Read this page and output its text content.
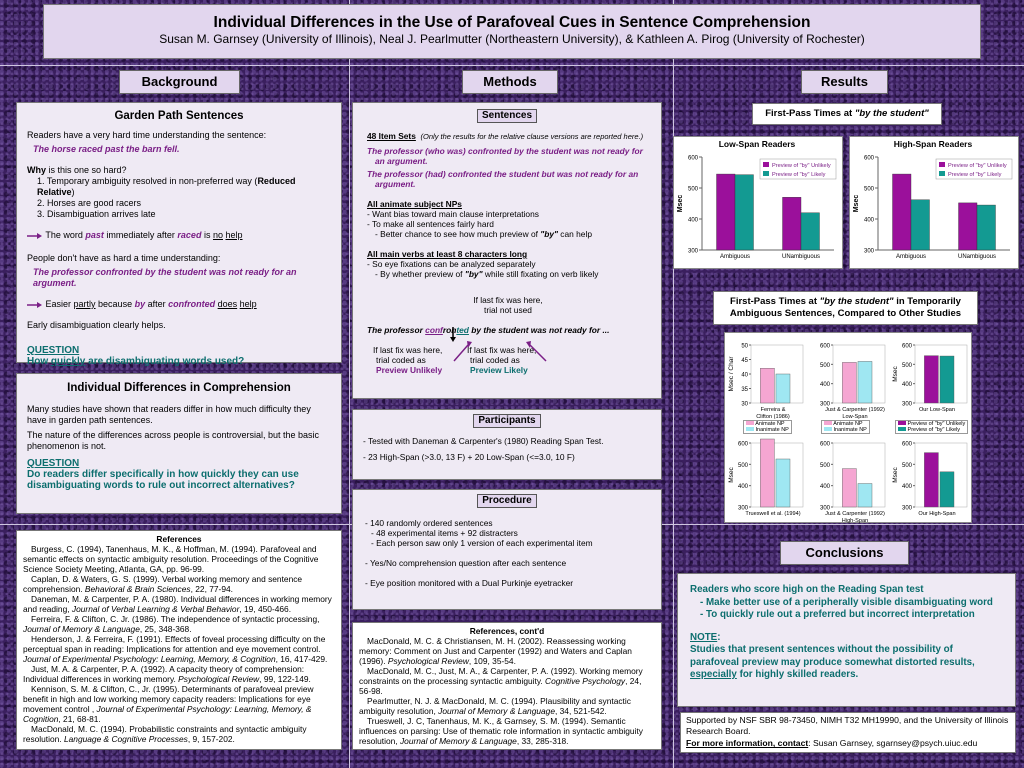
Individual Differences in the Use of Parafoveal Cues in Sentence Comprehension
Susan M. Garnsey (University of Illinois), Neal J. Pearlmutter (Northeastern University), & Kathleen A. Pirog (University of Rochester)
Background	Methods	Results
Garden Path Sentences
Readers have a very hard time understanding the sentence:
The horse raced past the barn fell.
Why is this one so hard?
1. Temporary ambiguity resolved in non-preferred way (Reduced Relative)
2. Horses are good racers
3. Disambiguation arrives late
The word past immediately after raced is no help
People don't have as hard a time understanding:
The professor confronted by the student was not ready for an argument.
Easier partly because by after confronted does help
Early disambiguation clearly helps.
QUESTION
How quickly are disambiguating words used?
Individual Differences in Comprehension
Many studies have shown that readers differ in how much difficulty they have in garden path sentences.
The nature of the differences across people is controversial, but the basic phenomenon is not.
QUESTION
Do readers differ specifically in how quickly they can use disambiguating words to rule out incorrect alternatives?
References

Burgess, C. (1994), Tanenhaus, M. K., & Hoffman, M. (1994). Parafoveal and semantic effects on syntactic ambiguity resolution. Proceedings of the Cognitive Science Society Meeting, Atlanta, GA, pp. 96-99.

Caplan, D. & Waters, G. S. (1999). Verbal working memory and sentence comprehension. Behavioral & Brain Sciences, 22, 77-94.

Daneman, M. & Carpenter, P. A. (1980). Individual differences in working memory and reading, Journal of Verbal Learning & Verbal Behavior, 19, 450-466.

Ferreira, F. & Clifton, C. Jr. (1986). The independence of syntactic processing, Journal of Memory & Language, 25, 348-368.

Henderson, J. & Ferreira, F. (1991). Effects of foveal processing difficulty on the perceptual span in reading: Implications for attention and eye movement control. Journal of Experimental Psychology: Learning, Memory, & Cognition, 16, 417-429.

Just, M. A. & Carpenter, P. A. (1992). A capacity theory of comprehension: Individual differences in working memory. Psychological Review, 99, 122-149.

Kennison, S. M. & Clifton, C., Jr. (1995). Determinants of parafoveal preview benefit in high and low working memory capacity readers: Implications for eye movement control , Journal of Experimental Psychology: Learning, Memory, & Cognition, 21, 68-81.

MacDonald, M. C. (1994). Probabilistic constraints and syntactic ambiguity resolution. Language & Cognitive Processes, 9, 157-202.

Sentences
48 Item Sets (Only the results for the relative clause versions are reported here.)
The professor (who was) confronted by the student was not ready for an argument.
The professor (had) confronted the student but was not ready for an argument.
All animate subject NPs
- Want bias toward main clause interpretations
- To make all sentences fairly hard
- Better chance to see how much preview of "by" can help
All main verbs at least 8 characters long
- So eye fixations can be analyzed separately
- By whether preview of "by" while still fixating on verb likely
If last fix was here,
trial not used
The professor confronted by the student was not ready for ...
If last fix was here,
trial coded as
Preview Unlikely
If last fix was here,
trial coded as
Preview Likely
Participants
- Tested with Daneman & Carpenter's (1980) Reading Span Test.
- 23 High-Span (>3.0, 13 F) + 20 Low-Span (<=3.0, 10 F)
Procedure
- 140 randomly ordered sentences
- 48 experimental items + 92 distracters
- Each person saw only 1 version of each experimental item
- Yes/No comprehension question after each sentence
- Eye position monitored with a Dual Purkinje eyetracker
References, cont'd

MacDonald, M. C. & Christiansen, M. H. (2002). Reassessing working memory: Comment on Just and Carpenter (1992) and Waters and Caplan (1996). Psychological Review, 109, 35-54.

MacDonald, M. C., Just, M. A., & Carpenter, P. A. (1992). Working memory constraints on the processing syntactic ambiguity. Cognitive Psychology, 24, 56-98.

Pearlmutter, N. J. & MacDonald, M. C. (1994). Plausibility and syntactic ambiguity resolution, Journal of Memory & Language, 34, 521-542.

Trueswell, J. C, Tanenhaus, M. K., & Garnsey, S. M. (1994). Semantic influences on parsing: Use of thematic role information in syntactic ambiguity resolution, Journal of Memory & Language, 33, 285-318.

First-Pass Times at "by the student"
Low-Span Readers
300
400
500
600
Msec
Ambiguous	UNambiguous
Preview of "by" Unlikely
Preview of "by" Likely
High-Span Readers
300
400
500
600
Msec
Ambiguous	UNambiguous
Preview of "by" Unlikely
Preview of "by" Likely
First-Pass Times at "by the student" in Temporarily Ambiguous Sentences, Compared to Other Studies
30
35
40
45
50
Msec / Char
Ferreira &
Clifton (1986)
300
400
500
600
Just & Carpenter (1992)
Low-Span
300
400
500
600
Msec
Our Low-Span
300
400
500
600
Msec
Trueswell et al. (1994)
300
400
500
600
Just & Carpenter (1992)
High-Span
300
400
500
600
Msec
Our High-Span
Animate NP
Inanimate NP
Animate NP
Inanimate NP
Preview of "by" Unlikely
Preview of "by" Likely
Conclusions
Readers who score high on the Reading Span test
- Make better use of a peripherally visible disambiguating word
- To quickly rule out a preferred but incorrect interpretation
NOTE:
Studies that present sentences without the possibility of parafoveal preview may produce somewhat distorted results, especially for highly skilled readers.
Supported by NSF SBR 98-73450, NIMH T32 MH19990, and the University of Illinois Research Board.
For more information, contact: Susan Garnsey, sgarnsey@psych.uiuc.edu
